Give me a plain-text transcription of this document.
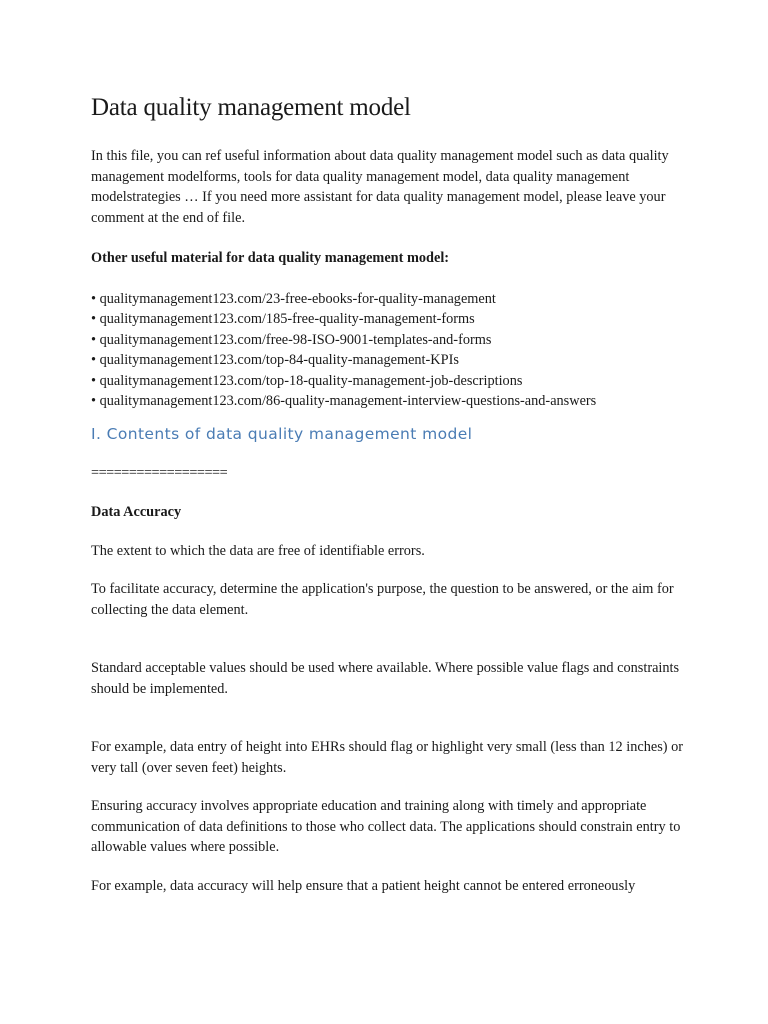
Data quality management model

In this file, you can ref useful information about data quality management model such as data quality management modelforms, tools for data quality management model, data quality management modelstrategies … If you need more assistant for data quality management model, please leave your comment at the end of file.

Other useful material for data quality management model:

• qualitymanagement123.com/23-free-ebooks-for-quality-management
• qualitymanagement123.com/185-free-quality-management-forms
• qualitymanagement123.com/free-98-ISO-9001-templates-and-forms
• qualitymanagement123.com/top-84-quality-management-KPIs
• qualitymanagement123.com/top-18-quality-management-job-descriptions
• qualitymanagement123.com/86-quality-management-interview-questions-and-answers
I. Contents of data quality management model

==================

Data Accuracy

The extent to which the data are free of identifiable errors.

To facilitate accuracy, determine the application's purpose, the question to be answered, or the aim for collecting the data element.

Standard acceptable values should be used where available. Where possible value flags and constraints should be implemented.

For example, data entry of height into EHRs should flag or highlight very small (less than 12 inches) or very tall (over seven feet) heights.

Ensuring accuracy involves appropriate education and training along with timely and appropriate communication of data definitions to those who collect data. The applications should constrain entry to allowable values where possible.

For example, data accuracy will help ensure that a patient height cannot be entered erroneously
